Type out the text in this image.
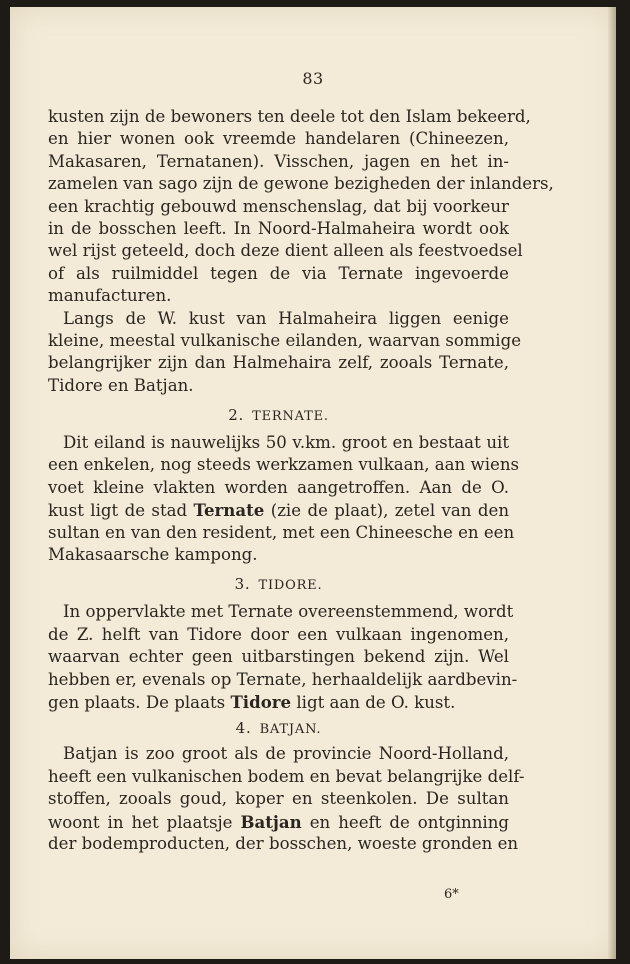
83
kusten zijn de bewoners ten deele tot den Islam bekeerd,
en hier wonen ook vreemde handelaren (Chineezen,
Makasaren, Ternatanen). Visschen, jagen en het in-
zamelen van sago zijn de gewone bezigheden der inlanders,
een krachtig gebouwd menschenslag, dat bij voorkeur
in de bosschen leeft. In Noord-Halmaheira wordt ook
wel rijst geteeld, doch deze dient alleen als feestvoedsel
of als ruilmiddel tegen de via Ternate ingevoerde
manufacturen.
Langs de W. kust van Halmaheira liggen eenige
kleine, meestal vulkanische eilanden, waarvan sommige
belangrijker zijn dan Halmehaira zelf, zooals Ternate,
Tidore en Batjan.
2. TERNATE.
Dit eiland is nauwelijks 50 v.km. groot en bestaat uit
een enkelen, nog steeds werkzamen vulkaan, aan wiens
voet kleine vlakten worden aangetroffen. Aan de O.
kust ligt de stad Ternate (zie de plaat), zetel van den
sultan en van den resident, met een Chineesche en een
Makasaarsche kampong.
3. TIDORE.
In oppervlakte met Ternate overeenstemmend, wordt
de Z. helft van Tidore door een vulkaan ingenomen,
waarvan echter geen uitbarstingen bekend zijn. Wel
hebben er, evenals op Ternate, herhaaldelijk aardbevin-
gen plaats. De plaats Tidore ligt aan de O. kust.
4. BATJAN.
Batjan is zoo groot als de provincie Noord-Holland,
heeft een vulkanischen bodem en bevat belangrijke delf-
stoffen, zooals goud, koper en steenkolen. De sultan
woont in het plaatsje Batjan en heeft de ontginning
der bodemproducten, der bosschen, woeste gronden en
6*
